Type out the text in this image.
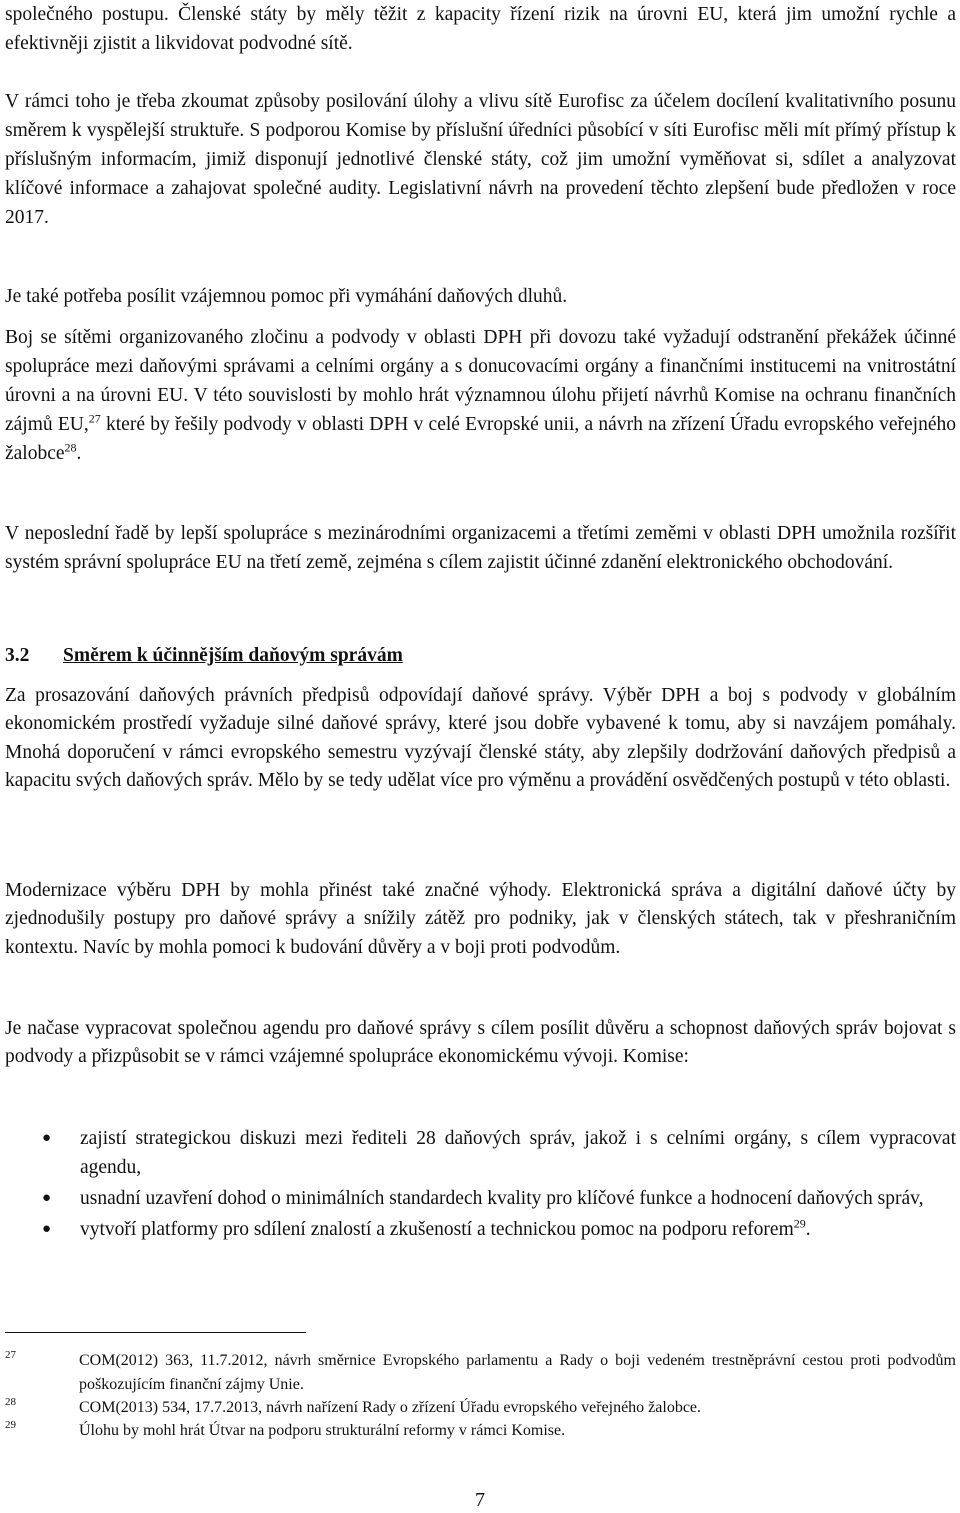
společného postupu. Členské státy by měly těžit z kapacity řízení rizik na úrovni EU, která jim umožní rychle a efektivněji zjistit a likvidovat podvodné sítě.
V rámci toho je třeba zkoumat způsoby posilování úlohy a vlivu sítě Eurofisc za účelem docílení kvalitativního posunu směrem k vyspělejší struktuře. S podporou Komise by příslušní úředníci působící v síti Eurofisc měli mít přímý přístup k příslušným informacím, jimiž disponují jednotlivé členské státy, což jim umožní vyměňovat si, sdílet a analyzovat klíčové informace a zahajovat společné audity. Legislativní návrh na provedení těchto zlepšení bude předložen v roce 2017.
Je také potřeba posílit vzájemnou pomoc při vymáhání daňových dluhů.
Boj se sítěmi organizovaného zločinu a podvody v oblasti DPH při dovozu také vyžadují odstranění překážek účinné spolupráce mezi daňovými správami a celními orgány a s donucovacími orgány a finančními institucemi na vnitrostátní úrovni a na úrovni EU. V této souvislosti by mohlo hrát významnou úlohu přijetí návrhů Komise na ochranu finančních zájmů EU,$^{27}$ které by řešily podvody v oblasti DPH v celé Evropské unii, a návrh na zřízení Úřadu evropského veřejného žalobce$^{28}$.
V neposlední řadě by lepší spolupráce s mezinárodními organizacemi a třetími zeměmi v oblasti DPH umožnila rozšířit systém správní spolupráce EU na třetí země, zejména s cílem zajistit účinné zdanění elektronického obchodování.
3.2 Směrem k účinnějším daňovým správám
Za prosazování daňových právních předpisů odpovídají daňové správy. Výběr DPH a boj s podvody v globálním ekonomickém prostředí vyžaduje silné daňové správy, které jsou dobře vybavené k tomu, aby si navzájem pomáhaly. Mnohá doporučení v rámci evropského semestru vyzývají členské státy, aby zlepšily dodržování daňových předpisů a kapacitu svých daňových správ. Mělo by se tedy udělat více pro výměnu a provádění osvědčených postupů v této oblasti.
Modernizace výběru DPH by mohla přinést také značné výhody. Elektronická správa a digitální daňové účty by zjednodušily postupy pro daňové správy a snížily zátěž pro podniky, jak v členských státech, tak v přeshraničním kontextu. Navíc by mohla pomoci k budování důvěry a v boji proti podvodům.
Je načase vypracovat společnou agendu pro daňové správy s cílem posílit důvěru a schopnost daňových správ bojovat s podvody a přizpůsobit se v rámci vzájemné spolupráce ekonomickému vývoji. Komise:
● zajistí strategickou diskuzi mezi řediteli 28 daňových správ, jakož i s celními orgány, s cílem vypracovat agendu,
● usnadní uzavření dohod o minimálních standardech kvality pro klíčové funkce a hodnocení daňových správ,
● vytvoří platformy pro sdílení znalostí a zkušeností a technickou pomoc na podporu reforem$^{29}$.
27	COM(2012) 363, 11.7.2012, návrh směrnice Evropského parlamentu a Rady o boji vedeném trestněprávní cestou proti podvodům poškozujícím finanční zájmy Unie.
28	COM(2013) 534, 17.7.2013, návrh nařízení Rady o zřízení Úřadu evropského veřejného žalobce.
29	Úlohu by mohl hrát Útvar na podporu strukturální reformy v rámci Komise.
7
